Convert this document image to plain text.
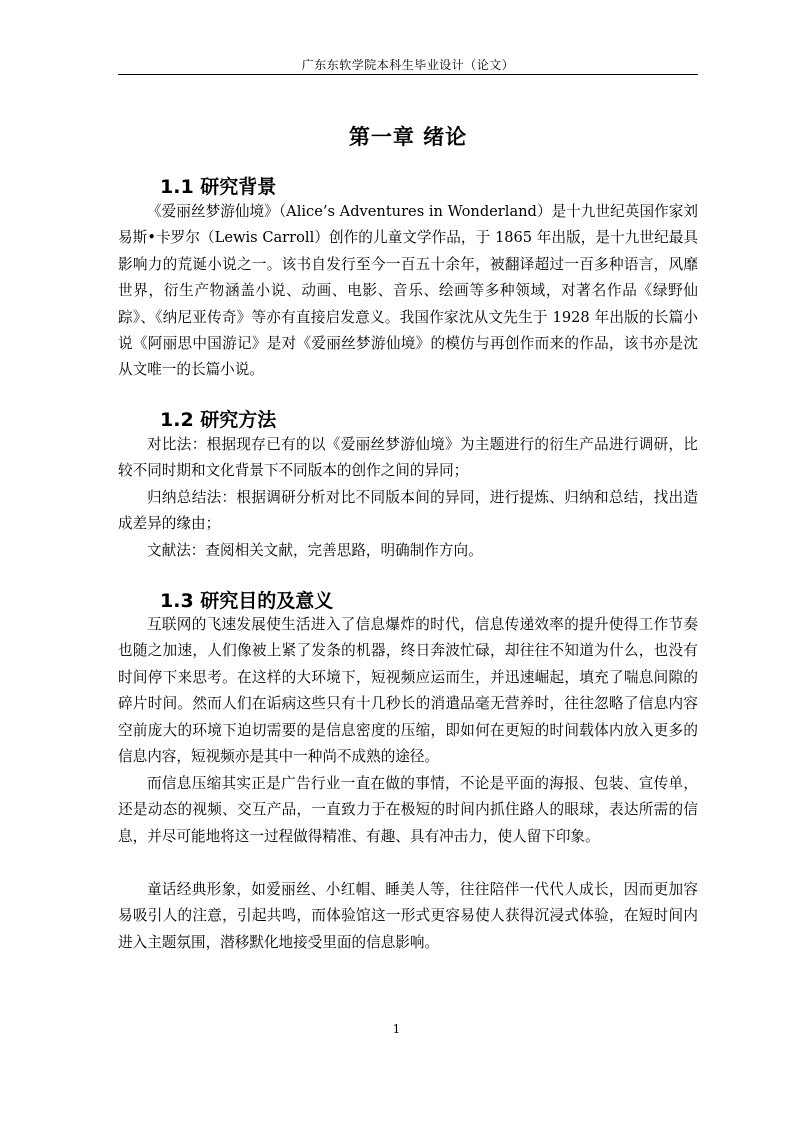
广东东软学院本科生毕业设计（论文）
第一章 绪论
1.1 研究背景

《爱丽丝梦游仙境》（Alice’s Adventures in Wonderland）是十九世纪英国作家刘易斯•卡罗尔（Lewis Carroll）创作的儿童文学作品，于 1865 年出版，是十九世纪最具影响力的荒诞小说之一。该书自发行至今一百五十余年，被翻译超过一百多种语言，风靡世界，衍生产物涵盖小说、动画、电影、音乐、绘画等多种领域，对著名作品《绿野仙踪》、《纳尼亚传奇》等亦有直接启发意义。我国作家沈从文先生于 1928 年出版的长篇小说《阿丽思中国游记》是对《爱丽丝梦游仙境》的模仿与再创作而来的作品，该书亦是沈从文唯一的长篇小说。

1.2 研究方法

对比法：根据现存已有的以《爱丽丝梦游仙境》为主题进行的衍生产品进行调研，比较不同时期和文化背景下不同版本的创作之间的异同；

归纳总结法：根据调研分析对比不同版本间的异同，进行提炼、归纳和总结，找出造成差异的缘由；

文献法：查阅相关文献，完善思路，明确制作方向。

1.3 研究目的及意义

互联网的飞速发展使生活进入了信息爆炸的时代，信息传递效率的提升使得工作节奏也随之加速，人们像被上紧了发条的机器，终日奔波忙碌，却往往不知道为什么，也没有时间停下来思考。在这样的大环境下，短视频应运而生，并迅速崛起，填充了喘息间隙的碎片时间。然而人们在诟病这些只有十几秒长的消遣品毫无营养时，往往忽略了信息内容空前庞大的环境下迫切需要的是信息密度的压缩，即如何在更短的时间载体内放入更多的信息内容，短视频亦是其中一种尚不成熟的途径。

而信息压缩其实正是广告行业一直在做的事情，不论是平面的海报、包装、宣传单，还是动态的视频、交互产品，一直致力于在极短的时间内抓住路人的眼球，表达所需的信息，并尽可能地将这一过程做得精准、有趣、具有冲击力，使人留下印象。

童话经典形象，如爱丽丝、小红帽、睡美人等，往往陪伴一代代人成长，因而更加容易吸引人的注意，引起共鸣，而体验馆这一形式更容易使人获得沉浸式体验，在短时间内进入主题氛围，潜移默化地接受里面的信息影响。

1
